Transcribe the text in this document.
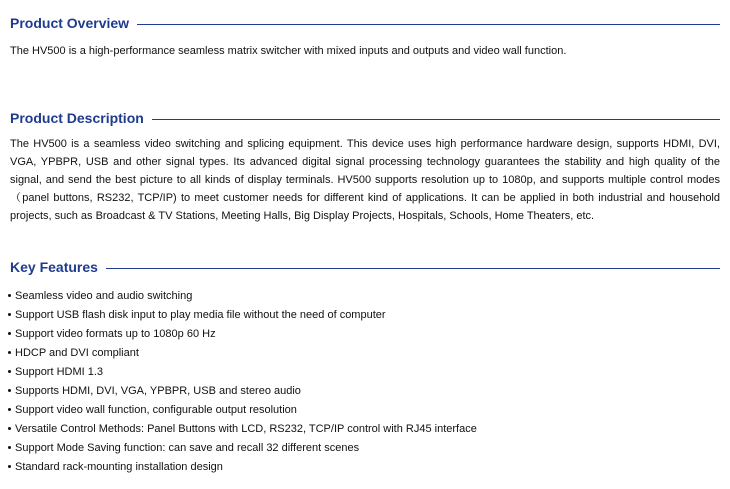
Product Overview
The HV500 is a high-performance seamless matrix switcher with mixed inputs and outputs and video wall function.
Product Description
The HV500 is a seamless video switching and splicing equipment. This device uses high performance hardware design, supports HDMI, DVI, VGA, YPBPR, USB and other signal types. Its advanced digital signal processing technology guarantees the stability and high quality of the signal, and send the best picture to all kinds of display terminals. HV500 supports resolution up to 1080p, and supports multiple control modes （panel buttons, RS232, TCP/IP) to meet customer needs for different kind of applications. It can be applied in both industrial and household projects, such as Broadcast & TV Stations, Meeting Halls, Big Display Projects, Hospitals, Schools, Home Theaters, etc.
Key Features
Seamless video and audio switching
Support USB flash disk input to play media file without the need of computer
Support video formats up to 1080p 60 Hz
HDCP and DVI compliant
Support HDMI 1.3
Supports HDMI, DVI, VGA, YPBPR, USB and stereo audio
Support video wall function, configurable output resolution
Versatile Control Methods: Panel Buttons with LCD, RS232, TCP/IP control with RJ45 interface
Support Mode Saving function: can save and recall 32 different scenes
Standard rack-mounting installation design
